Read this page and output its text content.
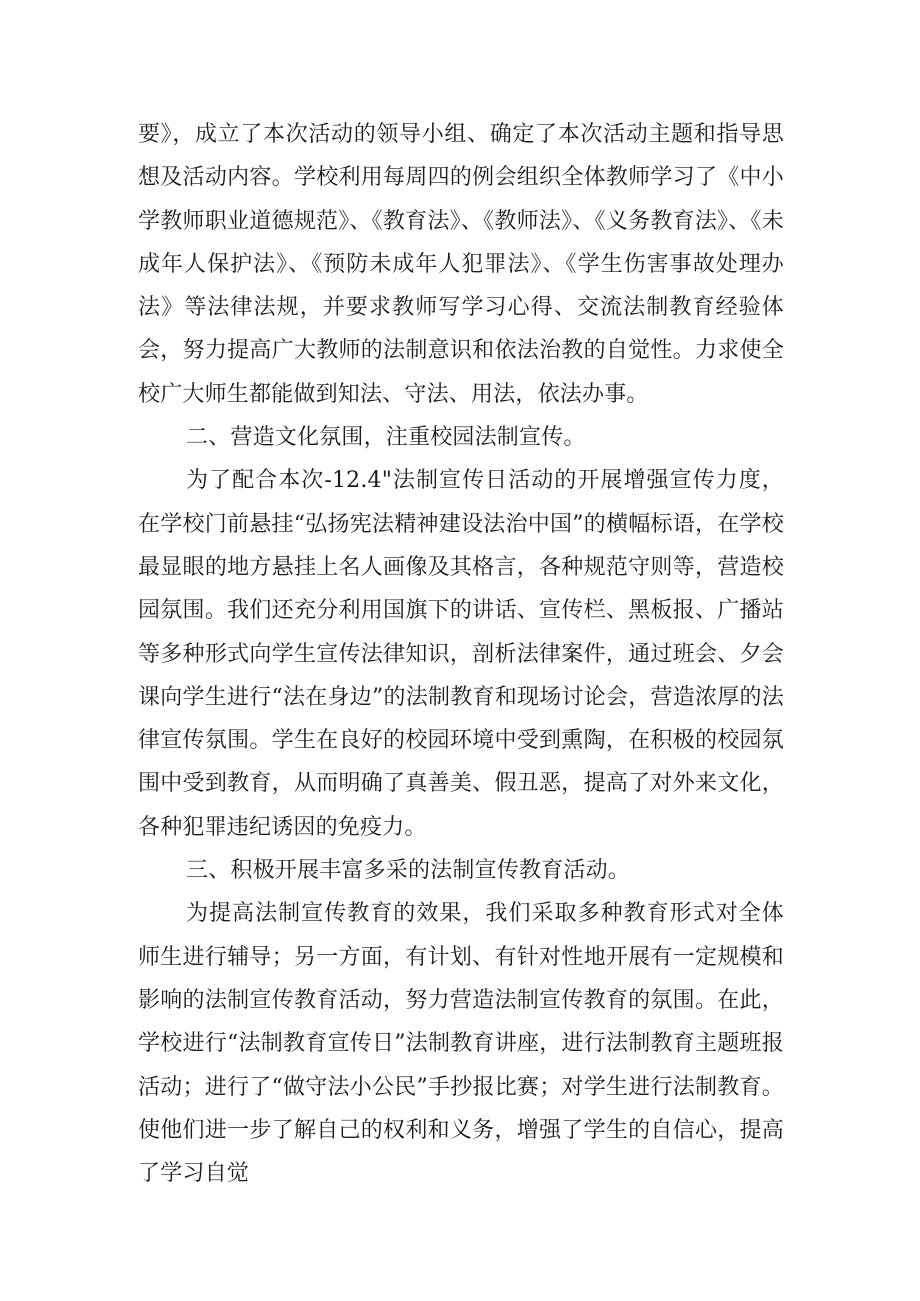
要》，成立了本次活动的领导小组、确定了本次活动主题和指导思想及活动内容。学校利用每周四的例会组织全体教师学习了《中小学教师职业道德规范》、《教育法》、《教师法》、《义务教育法》、《未成年人保护法》、《预防未成年人犯罪法》、《学生伤害事故处理办法》等法律法规，并要求教师写学习心得、交流法制教育经验体会，努力提高广大教师的法制意识和依法治教的自觉性。力求使全校广大师生都能做到知法、守法、用法，依法办事。

二、营造文化氛围，注重校园法制宣传。

为了配合本次-12.4"法制宣传日活动的开展增强宣传力度，在学校门前悬挂“弘扬宪法精神建设法治中国”的横幅标语，在学校最显眼的地方悬挂上名人画像及其格言，各种规范守则等，营造校园氛围。我们还充分利用国旗下的讲话、宣传栏、黑板报、广播站等多种形式向学生宣传法律知识，剖析法律案件，通过班会、夕会课向学生进行“法在身边”的法制教育和现场讨论会，营造浓厚的法律宣传氛围。学生在良好的校园环境中受到熏陶，在积极的校园氛围中受到教育，从而明确了真善美、假丑恶，提高了对外来文化，各种犯罪违纪诱因的免疫力。

三、积极开展丰富多采的法制宣传教育活动。

为提高法制宣传教育的效果，我们采取多种教育形式对全体师生进行辅导；另一方面，有计划、有针对性地开展有一定规模和影响的法制宣传教育活动，努力营造法制宣传教育的氛围。在此，学校进行“法制教育宣传日”法制教育讲座，进行法制教育主题班报活动；进行了“做守法小公民”手抄报比赛；对学生进行法制教育。使他们进一步了解自己的权利和义务，增强了学生的自信心，提高了学习自觉
